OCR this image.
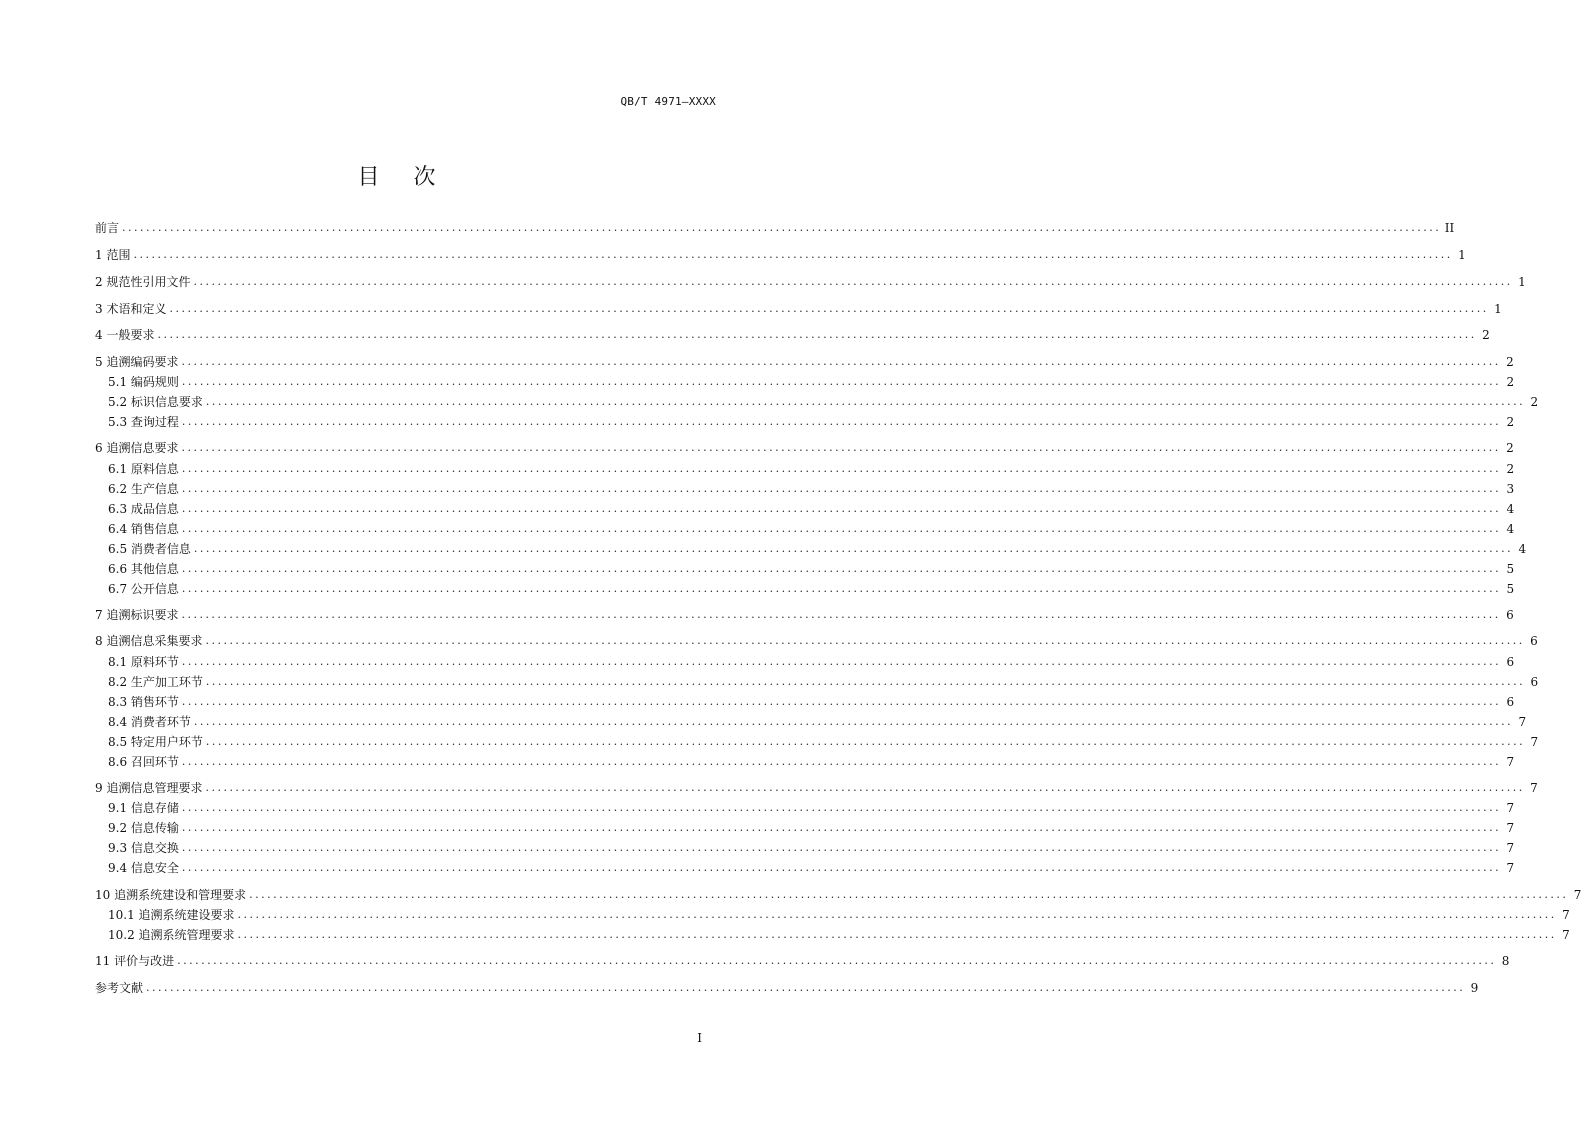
QB/T 4971—XXXX
目次
前言 ............................................................................................................................................................................................................................ II
1 范围 ............................................................................................................................................................................................................................ 1
2 规范性引用文件 ............................................................................................................................................................................................................................ 1
3 术语和定义 ............................................................................................................................................................................................................................ 1
4 一般要求 ............................................................................................................................................................................................................................ 2
5 追溯编码要求 ............................................................................................................................................................................................................................ 2
5.1 编码规则 ............................................................................................................................................................................................................................ 2
5.2 标识信息要求 ............................................................................................................................................................................................................................ 2
5.3 查询过程 ............................................................................................................................................................................................................................ 2
6 追溯信息要求 ............................................................................................................................................................................................................................ 2
6.1 原料信息 ............................................................................................................................................................................................................................ 2
6.2 生产信息 ............................................................................................................................................................................................................................ 3
6.3 成品信息 ............................................................................................................................................................................................................................ 4
6.4 销售信息 ............................................................................................................................................................................................................................ 4
6.5 消费者信息 ............................................................................................................................................................................................................................ 4
6.6 其他信息 ............................................................................................................................................................................................................................ 5
6.7 公开信息 ............................................................................................................................................................................................................................ 5
7 追溯标识要求 ............................................................................................................................................................................................................................ 6
8 追溯信息采集要求 ............................................................................................................................................................................................................................ 6
8.1 原料环节 ............................................................................................................................................................................................................................ 6
8.2 生产加工环节 ............................................................................................................................................................................................................................ 6
8.3 销售环节 ............................................................................................................................................................................................................................ 6
8.4 消费者环节 ............................................................................................................................................................................................................................ 7
8.5 特定用户环节 ............................................................................................................................................................................................................................ 7
8.6 召回环节 ............................................................................................................................................................................................................................ 7
9 追溯信息管理要求 ............................................................................................................................................................................................................................ 7
9.1 信息存储 ............................................................................................................................................................................................................................ 7
9.2 信息传输 ............................................................................................................................................................................................................................ 7
9.3 信息交换 ............................................................................................................................................................................................................................ 7
9.4 信息安全 ............................................................................................................................................................................................................................ 7
10 追溯系统建设和管理要求 ............................................................................................................................................................................................................................ 7
10.1 追溯系统建设要求 ............................................................................................................................................................................................................................ 7
10.2 追溯系统管理要求 ............................................................................................................................................................................................................................ 7
11 评价与改进 ............................................................................................................................................................................................................................ 8
参考文献 ............................................................................................................................................................................................................................ 9
I
